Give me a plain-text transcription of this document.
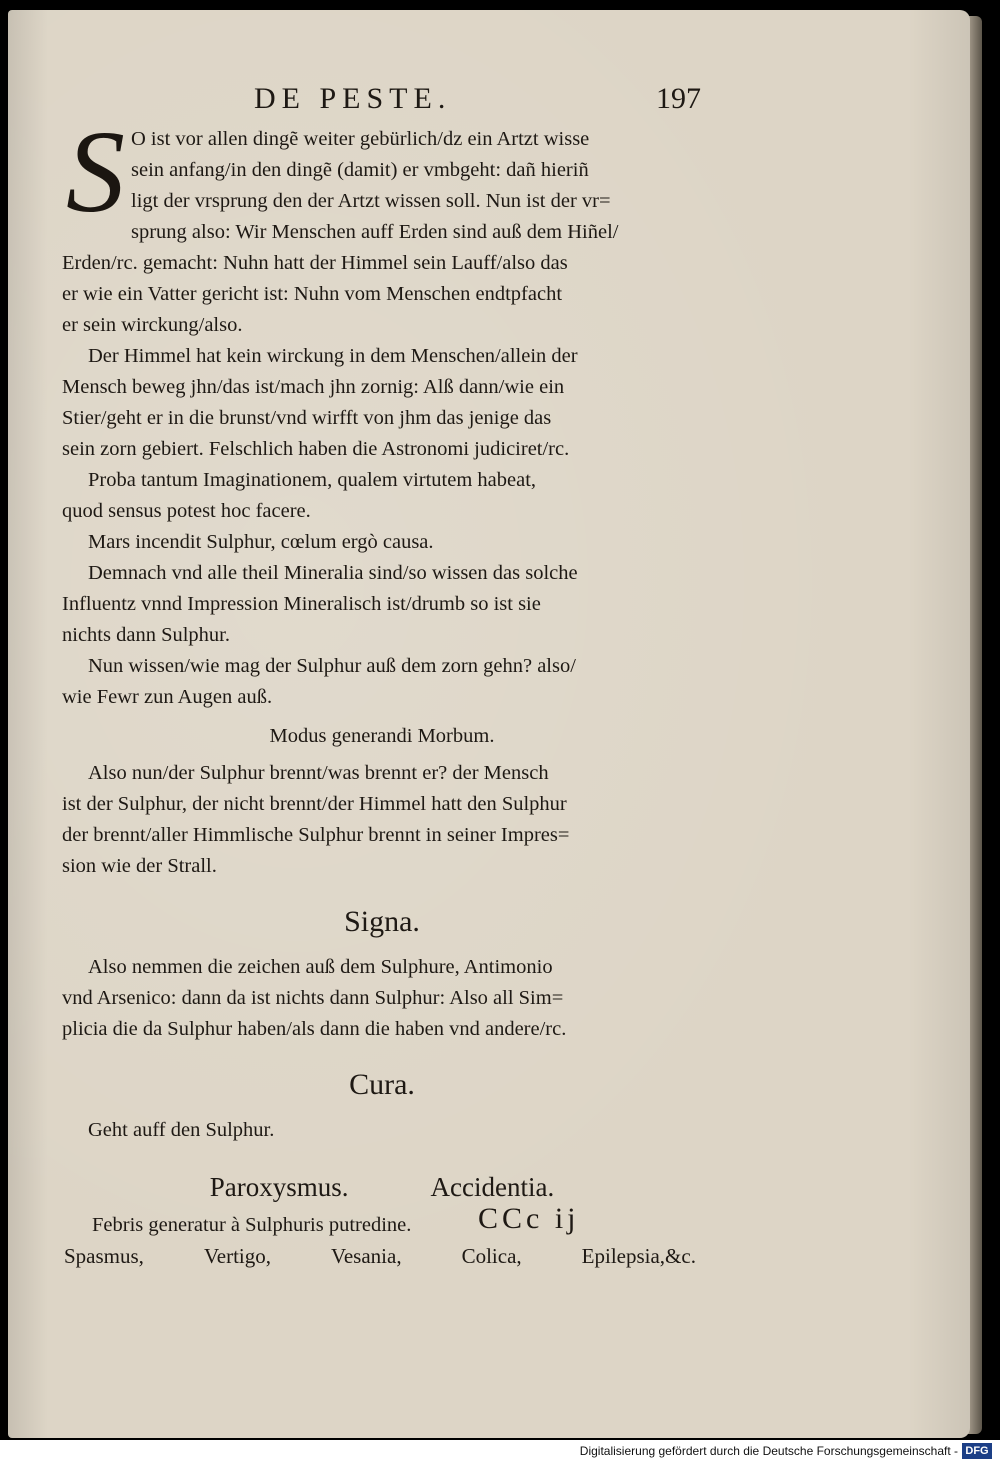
DE PESTE.	197
S O ist vor allen dingẽ weiter gebürlich/dz ein Artzt wisse
sein anfang/in den dingẽ (damit) er vmbgeht: dañ hieriñ
ligt der vrsprung den der Artzt wissen soll. Nun ist der vr=
sprung also: Wir Menschen auff Erden sind auß dem Hiñel/
Erden/rc. gemacht: Nuhn hatt der Himmel sein Lauff/also das
er wie ein Vatter gericht ist: Nuhn vom Menschen endtpfacht
er sein wirckung/also.
Der Himmel hat kein wirckung in dem Menschen/allein der
Mensch beweg jhn/das ist/mach jhn zornig: Alß dann/wie ein
Stier/geht er in die brunst/vnd wirfft von jhm das jenige das
sein zorn gebiert. Felschlich haben die Astronomi judiciret/rc.
Proba tantum Imaginationem, qualem virtutem habeat,
quod sensus potest hoc facere.
Mars incendit Sulphur, cœlum ergò causa.
Demnach vnd alle theil Mineralia sind/so wissen das solche
Influentz vnnd Impression Mineralisch ist/drumb so ist sie
nichts dann Sulphur.
Nun wissen/wie mag der Sulphur auß dem zorn gehn? also/
wie Fewr zun Augen auß.
Modus generandi Morbum.
Also nun/der Sulphur brennt/was brennt er? der Mensch
ist der Sulphur, der nicht brennt/der Himmel hatt den Sulphur
der brennt/aller Himmlische Sulphur brennt in seiner Impres=
sion wie der Strall.
Signa.
Also nemmen die zeichen auß dem Sulphure, Antimonio
vnd Arsenico: dann da ist nichts dann Sulphur: Also all Sim=
plicia die da Sulphur haben/als dann die haben vnd andere/rc.
Cura.
Geht auff den Sulphur.
Paroxysmus.	Accidentia.
Febris generatur à Sulphuris putredine.
Spasmus,	Vertigo,	Vesania,	Colica,	Epilepsia,&c.
CCc ij
Digitalisierung gefördert durch die Deutsche Forschungsgemeinschaft - DFG
